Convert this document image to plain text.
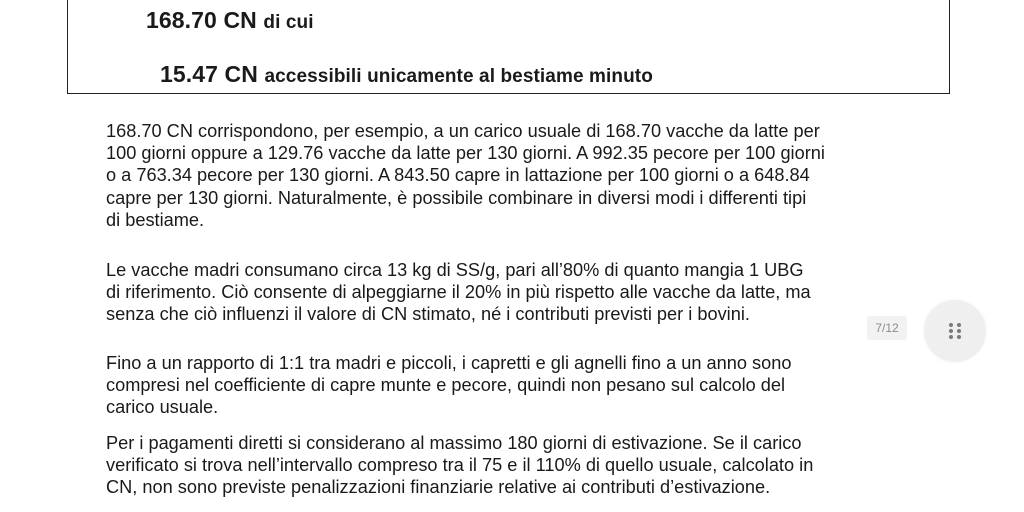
168.70 CN di cui
15.47 CN accessibili unicamente al bestiame minuto

168.70 CN corrispondono, per esempio, a un carico usuale di 168.70 vacche da latte per
100 giorni oppure a 129.76 vacche da latte per 130 giorni. A 992.35 pecore per 100 giorni
o a 763.34 pecore per 130 giorni. A 843.50 capre in lattazione per 100 giorni o a 648.84
capre per 130 giorni. Naturalmente, è possibile combinare in diversi modi i differenti tipi
di bestiame.

Le vacche madri consumano circa 13 kg di SS/g, pari all’80% di quanto mangia 1 UBG
di riferimento. Ciò consente di alpeggiarne il 20% in più rispetto alle vacche da latte, ma
senza che ciò influenzi il valore di CN stimato, né i contributi previsti per i bovini.

Fino a un rapporto di 1:1 tra madri e piccoli, i capretti e gli agnelli fino a un anno sono
compresi nel coefficiente di capre munte e pecore, quindi non pesano sul calcolo del
carico usuale.

Per i pagamenti diretti si considerano al massimo 180 giorni di estivazione. Se il carico
verificato si trova nell’intervallo compreso tra il 75 e il 110% di quello usuale, calcolato in
CN, non sono previste penalizzazioni finanziarie relative ai contributi d’estivazione.

7/12
